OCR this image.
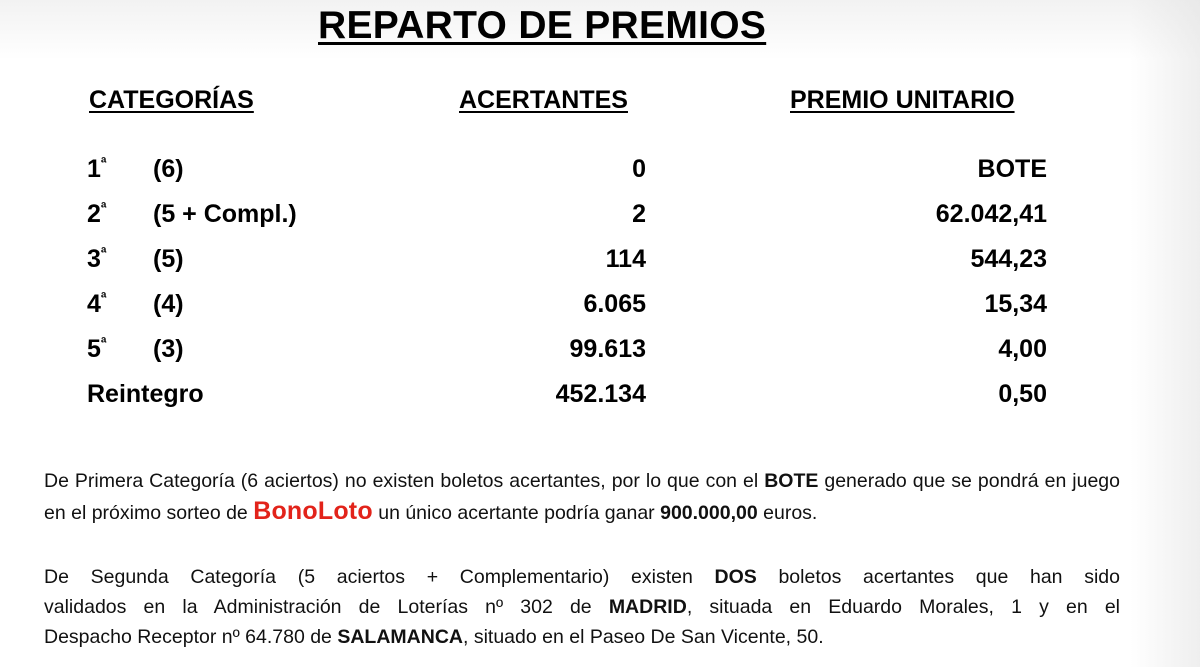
REPARTO DE PREMIOS
CATEGORÍAS	ACERTANTES	PREMIO UNITARIO
$1^ª$ (6)	0	BOTE
$2^ª$ (5 + Compl.)	2	62.042,41
$3^ª$ (5)	114	544,23
$4^ª$ (4)	6.065	15,34
$5^ª$ (3)	99.613	4,00
Reintegro	452.134	0,50
De Primera Categoría (6 aciertos) no existen boletos acertantes, por lo que con el BOTE generado que se pondrá en juego en el próximo sorteo de BonoLoto un único acertante podría ganar 900.000,00 euros.
De Segunda Categoría (5 aciertos + Complementario) existen DOS boletos acertantes que han sido
validados en la Administración de Loterías nº 302 de MADRID, situada en Eduardo Morales, 1 y en el
Despacho Receptor nº 64.780 de SALAMANCA, situado en el Paseo De San Vicente, 50.
